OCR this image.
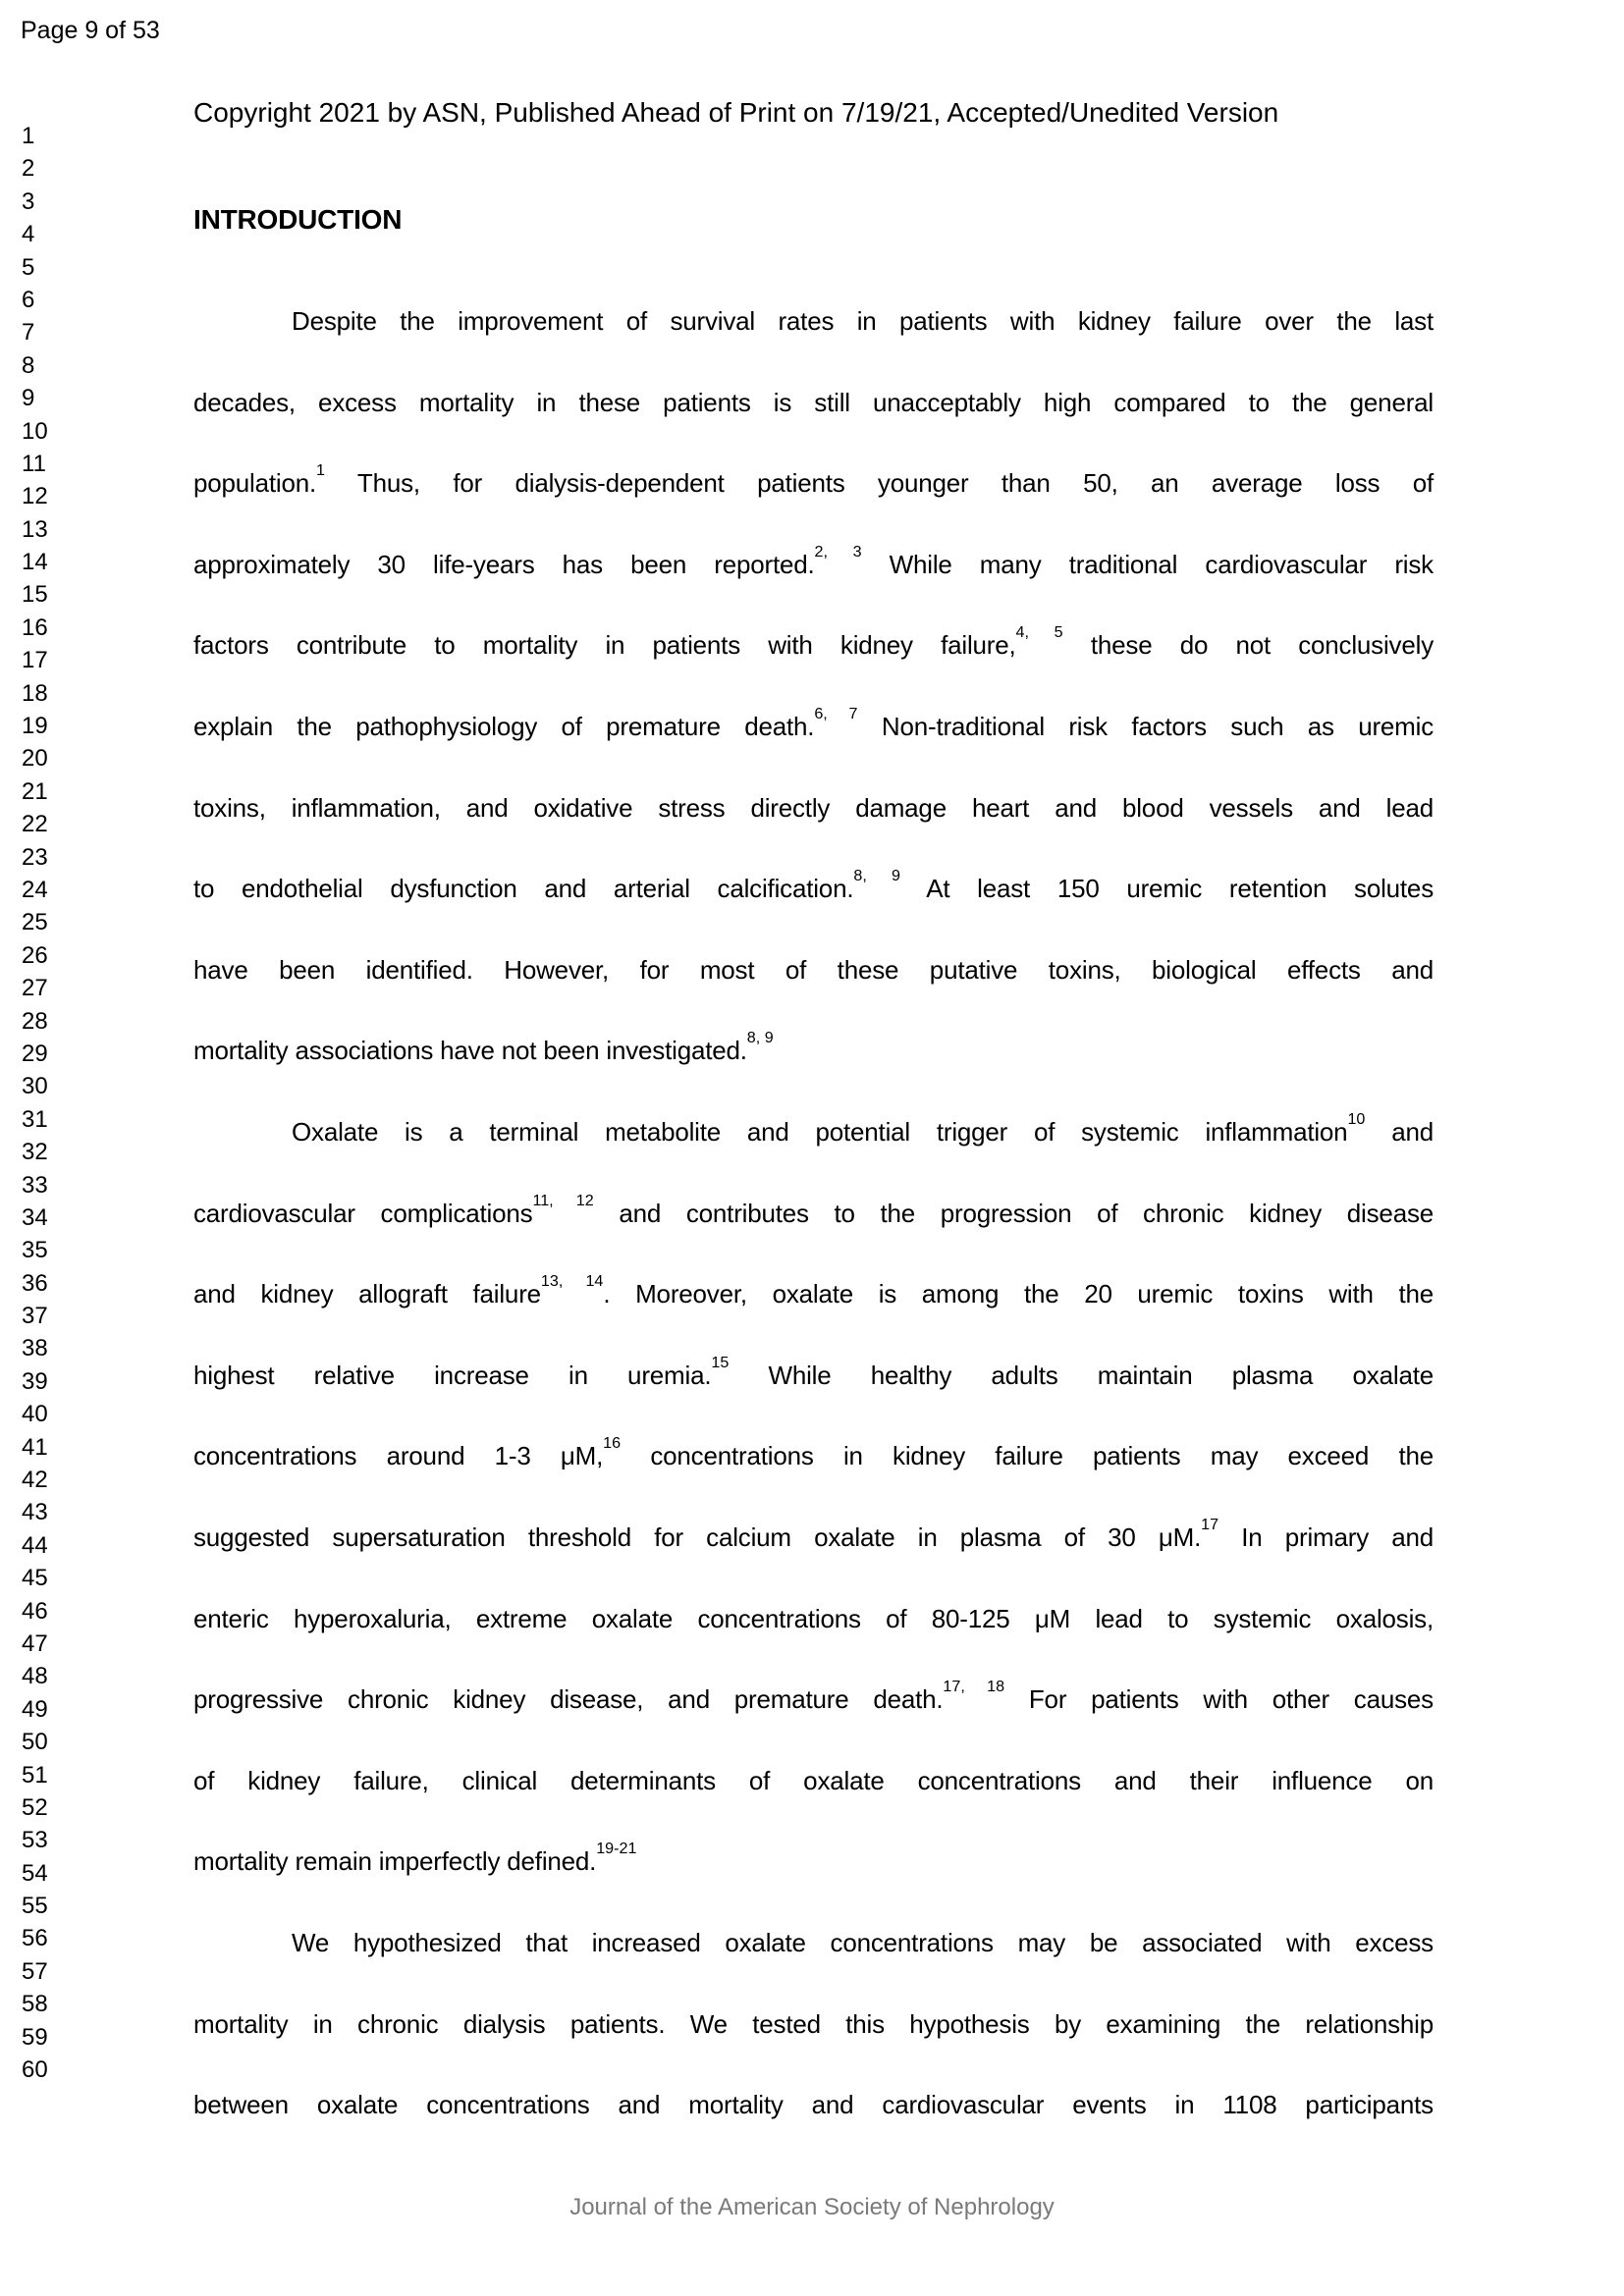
Page 9 of 53
1
2
3
4
5
6
7
8
9
10
11
12
13
14
15
16
17
18
19
20
21
22
23
24
25
26
27
28
29
30
31
32
33
34
35
36
37
38
39
40
41
42
43
44
45
46
47
48
49
50
51
52
53
54
55
56
57
58
59
60
Copyright 2021 by ASN, Published Ahead of Print on 7/19/21, Accepted/Unedited Version
INTRODUCTION
Despite the improvement of survival rates in patients with kidney failure over the last
decades, excess mortality in these patients is still unacceptably high compared to the general
population.$^1$ Thus, for dialysis-dependent patients younger than 50, an average loss of
approximately 30 life-years has been reported.$^{2, 3}$ While many traditional cardiovascular risk
factors contribute to mortality in patients with kidney failure,$^{4, 5}$ these do not conclusively
explain the pathophysiology of premature death.$^{6, 7}$ Non-traditional risk factors such as uremic
toxins, inflammation, and oxidative stress directly damage heart and blood vessels and lead
to endothelial dysfunction and arterial calcification.$^{8, 9}$ At least 150 uremic retention solutes
have been identified. However, for most of these putative toxins, biological effects and
mortality associations have not been investigated.$^{8, 9}$
Oxalate is a terminal metabolite and potential trigger of systemic inflammation$^{10}$ and
cardiovascular complications$^{11, 12}$ and contributes to the progression of chronic kidney disease
and kidney allograft failure$^{13, 14}$. Moreover, oxalate is among the 20 uremic toxins with the
highest relative increase in uremia.$^{15}$ While healthy adults maintain plasma oxalate
concentrations around 1-3 μM,$^{16}$ concentrations in kidney failure patients may exceed the
suggested supersaturation threshold for calcium oxalate in plasma of 30 μM.$^{17}$ In primary and
enteric hyperoxaluria, extreme oxalate concentrations of 80-125 μM lead to systemic oxalosis,
progressive chronic kidney disease, and premature death.$^{17, 18}$ For patients with other causes
of kidney failure, clinical determinants of oxalate concentrations and their influence on
mortality remain imperfectly defined.$^{19-21}$
We hypothesized that increased oxalate concentrations may be associated with excess
mortality in chronic dialysis patients. We tested this hypothesis by examining the relationship
between oxalate concentrations and mortality and cardiovascular events in 1108 participants
Journal of the American Society of Nephrology
